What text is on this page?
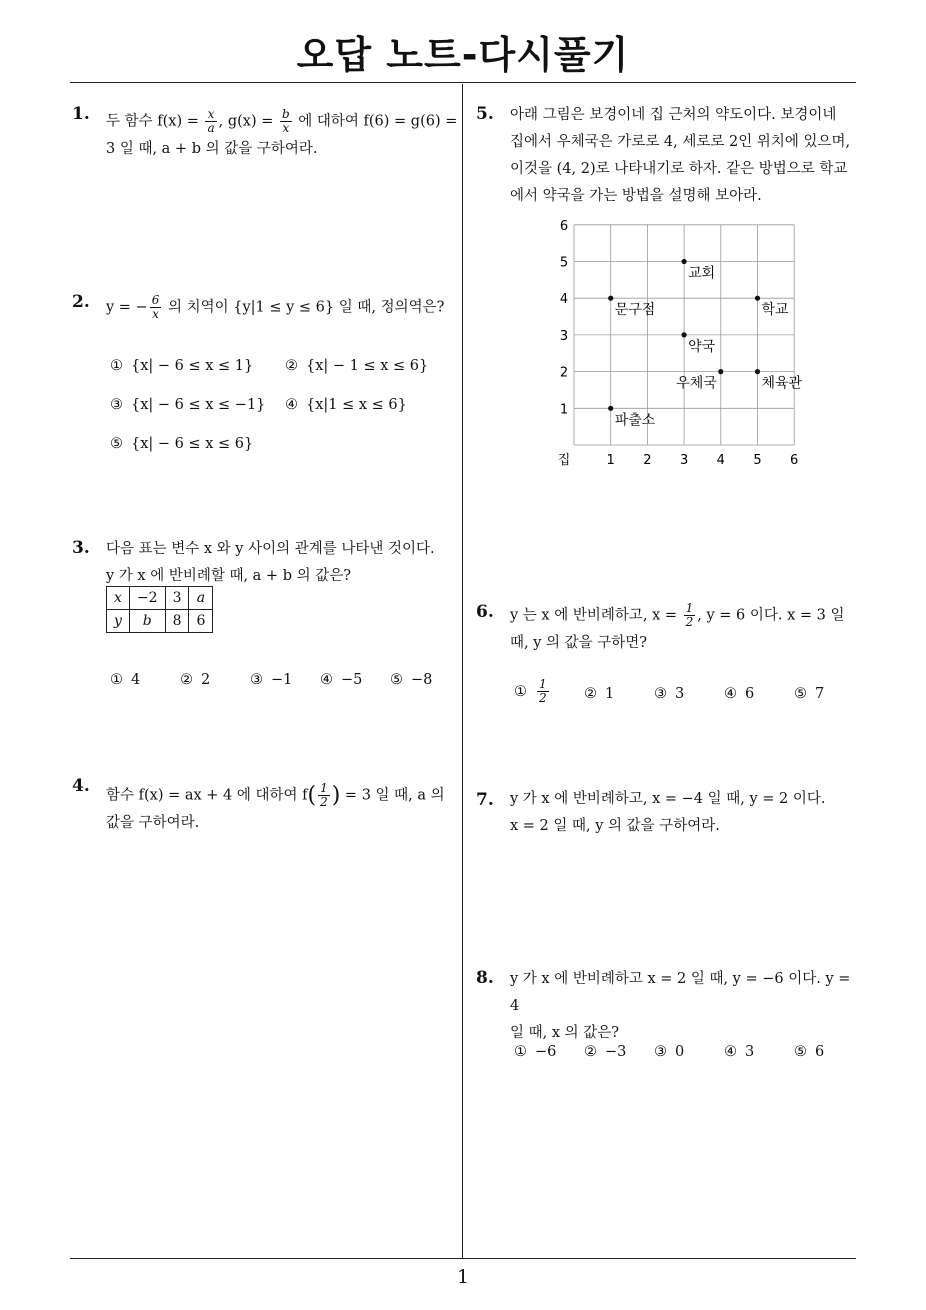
오답 노트-다시풀기
1
1. 두 함수 $f(x) = \frac{x}{a}$ , $g(x) = \frac{b}{x}$ 에 대하여 f(6) = g(6) =
3 일 때, a + b 의 값을 구하여라.
2. y = − $\frac{6}{x}$ 의 치역이 {y|1 ≤ y ≤ 6} 일 때, 정의역은?
① {x| − 6 ≤ x ≤ 1} ② {x| − 1 ≤ x ≤ 6}
③ {x| − 6 ≤ x ≤ −1} ④ {x|1 ≤ x ≤ 6}
⑤ {x| − 6 ≤ x ≤ 6}
3. 다음 표는 변수 x 와 y 사이의 관계를 나타낸 것이다.
y 가 x 에 반비례할 때, a + b 의 값은?
x	−2	3	a
y	b	8	6
① 4	② 2	③ −1 ④ −5 ⑤ −8
4. 함수 f(x) = ax + 4 에 대하여 $f( \frac{1}{2}$ ) = 3 일 때, a 의
값을 구하여라.
5. 아래 그림은 보경이네 집 근처의 약도이다. 보경이네
집에서 우체국은 가로로 4, 세로로 2인 위치에 있으며,
이것을 (4, 2)로 나타내기로 하자. 같은 방법으로 학교
에서 약국을 가는 방법을 설명해 보아라.
1 2 3 4 5 6
1
2
3
4
5
6
집
교회
문구점	학교
약국
우체국	체육관
파출소
6. y 는 x 에 반비례하고, $x = \frac{1}{2}$ , y = 6 이다. x = 3 일
때, y 의 값을 구하면?
① $\frac{1}{2}$ ② 1	③ 3	④ 6	⑤ 7
7. y 가 x 에 반비례하고, x = −4 일 때, y = 2 이다.
x = 2 일 때, y 의 값을 구하여라.
8. y 가 x 에 반비례하고 x = 2 일 때, y = −6 이다. y = 4
일 때, x 의 값은?
① −6 ② −3 ③ 0	④ 3	⑤ 6
